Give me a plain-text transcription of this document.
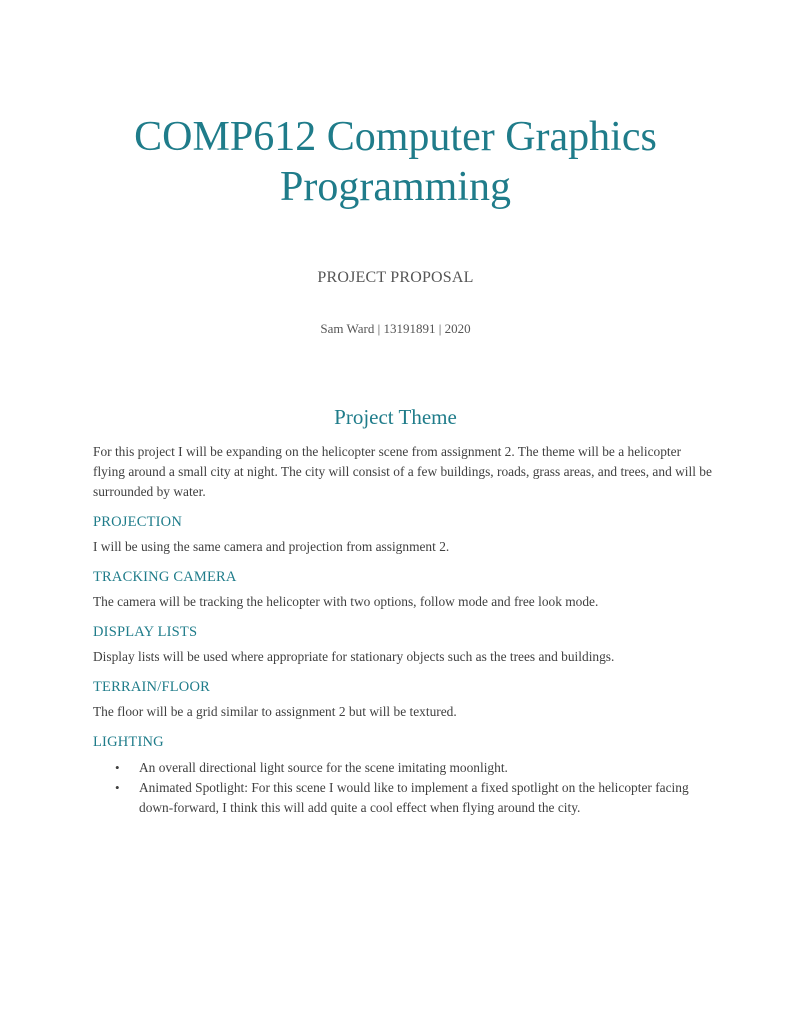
COMP612 Computer Graphics
Programming
PROJECT PROPOSAL
Sam Ward | 13191891 | 2020
Project Theme

For this project I will be expanding on the helicopter scene from assignment 2. The theme will be a helicopter flying around a small city at night. The city will consist of a few buildings, roads, grass areas, and trees, and will be surrounded by water.

PROJECTION

I will be using the same camera and projection from assignment 2.

TRACKING CAMERA

The camera will be tracking the helicopter with two options, follow mode and free look mode.

DISPLAY LISTS

Display lists will be used where appropriate for stationary objects such as the trees and buildings.

TERRAIN/FLOOR

The floor will be a grid similar to assignment 2 but will be textured.

LIGHTING
• An overall directional light source for the scene imitating moonlight.
• Animated Spotlight: For this scene I would like to implement a fixed spotlight on the helicopter facing down-forward, I think this will add quite a cool effect when flying around the city.
